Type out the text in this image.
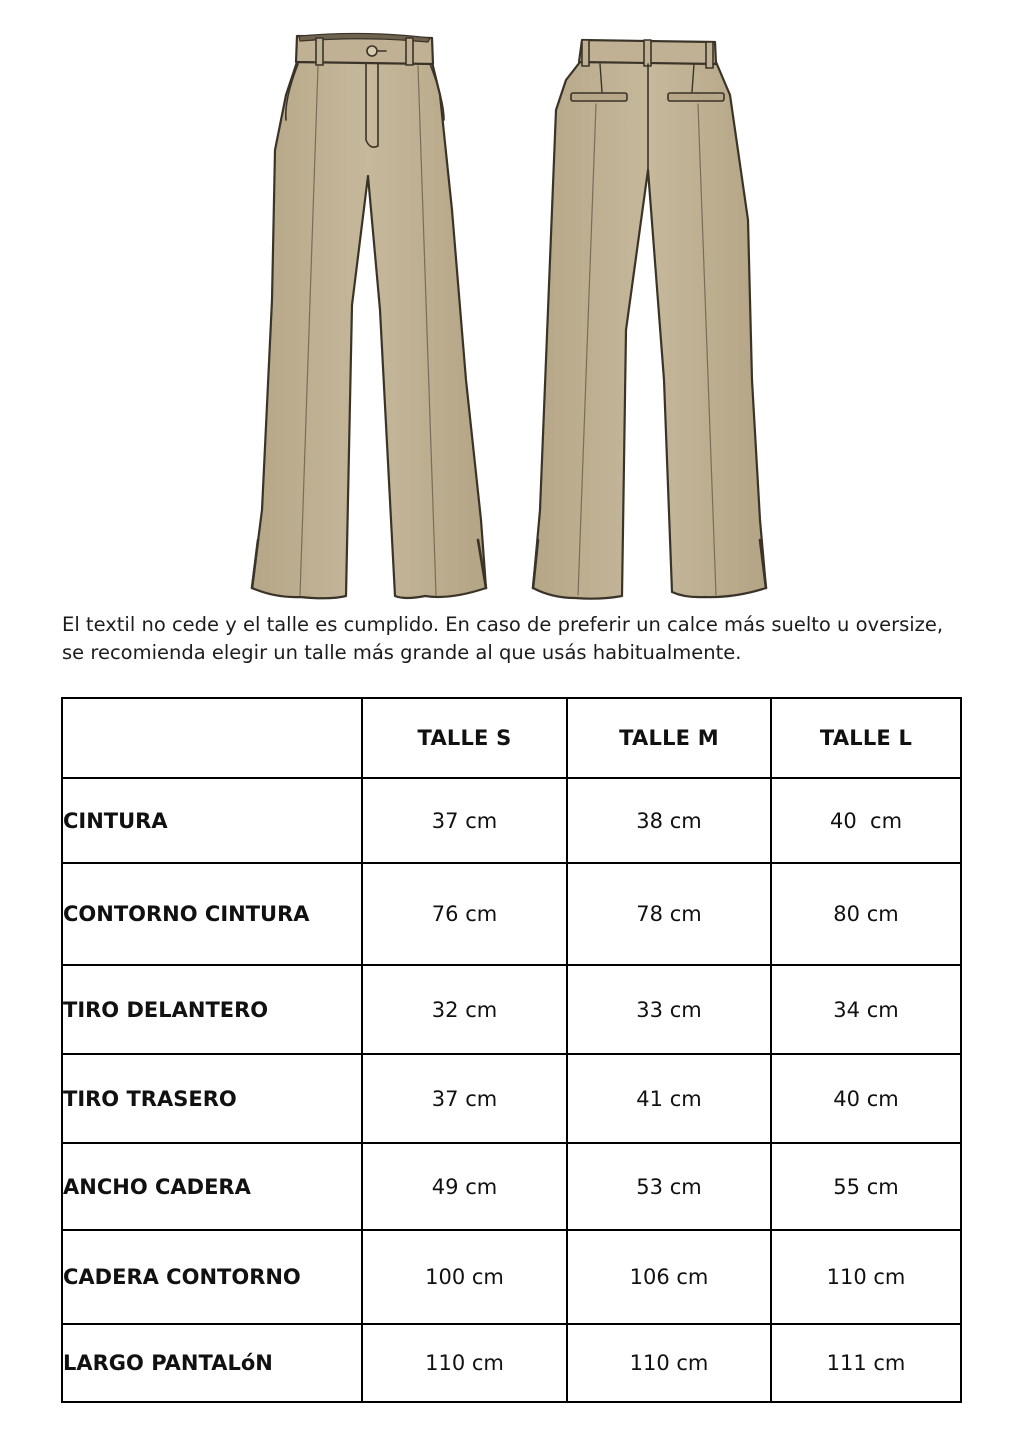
El textil no cede y el talle es cumplido. En caso de preferir un calce más suelto u oversize,
se recomienda elegir un talle más grande al que usás habitualmente.

	TALLE S	TALLE M	TALLE L
CINTURA	37 cm	38 cm	40  cm
CONTORNO CINTURA	76 cm	78 cm	80 cm
TIRO DELANTERO	32 cm	33 cm	34 cm
TIRO TRASERO	37 cm	41 cm	40 cm
ANCHO CADERA	49 cm	53 cm	55 cm
CADERA CONTORNO	100 cm	106 cm	110 cm
LARGO PANTALóN	110 cm	110 cm	111 cm
